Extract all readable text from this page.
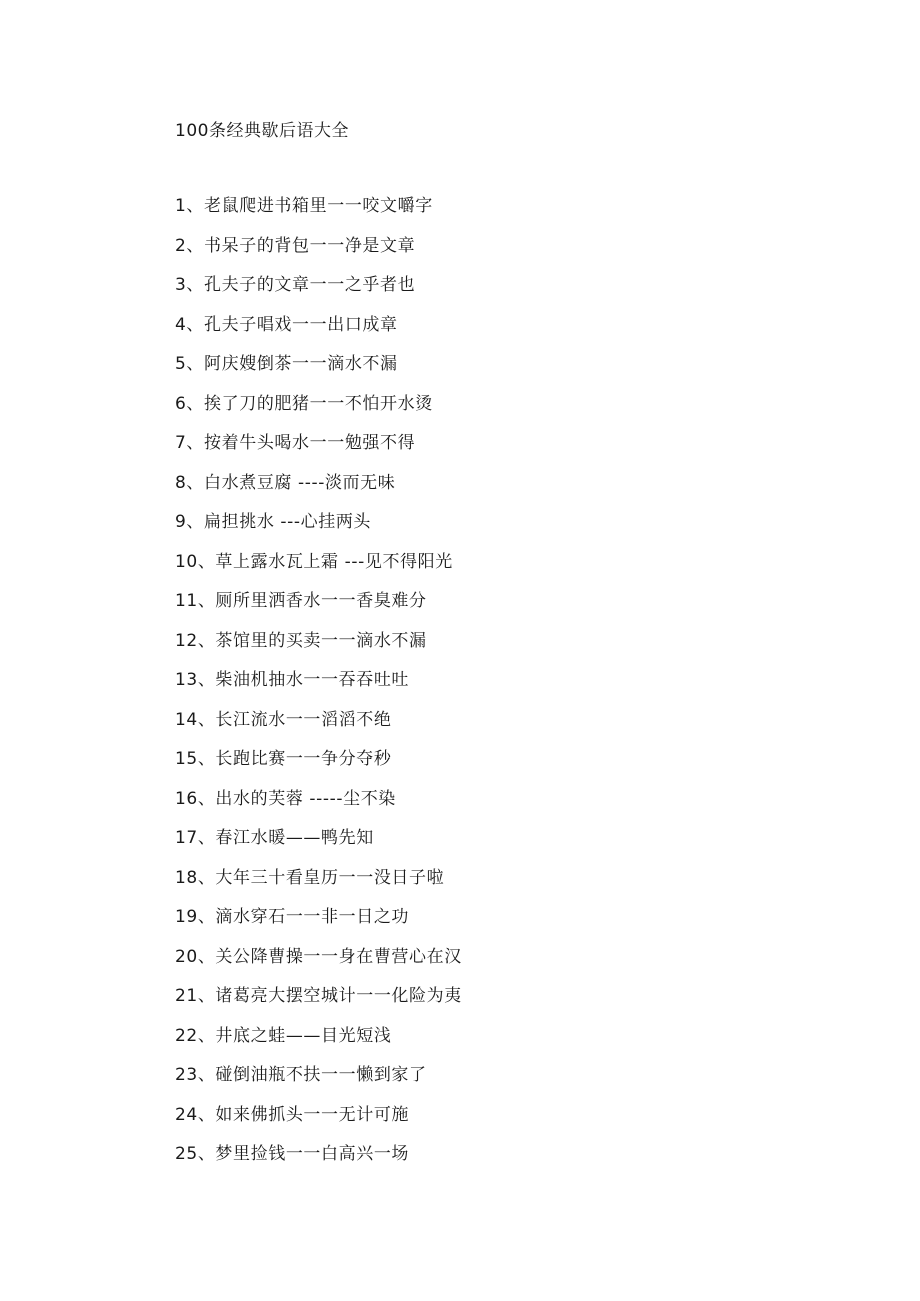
100条经典歇后语大全
1、老鼠爬进书箱里一一咬文嚼字
2、书呆子的背包一一净是文章
3、孔夫子的文章一一之乎者也
4、孔夫子唱戏一一出口成章
5、阿庆嫂倒茶一一滴水不漏
6、挨了刀的肥猪一一不怕开水烫
7、按着牛头喝水一一勉强不得
8、白水煮豆腐 ----淡而无味
9、扁担挑水 ---心挂两头
10、草上露水瓦上霜 ---见不得阳光
11、厕所里洒香水一一香臭难分
12、茶馆里的买卖一一滴水不漏
13、柴油机抽水一一吞吞吐吐
14、长江流水一一滔滔不绝
15、长跑比赛一一争分夺秒
16、出水的芙蓉 -----尘不染
17、春江水暖——鸭先知
18、大年三十看皇历一一没日子啦
19、滴水穿石一一非一日之功
20、关公降曹操一一身在曹营心在汉
21、诸葛亮大摆空城计一一化险为夷
22、井底之蛙——目光短浅
23、碰倒油瓶不扶一一懒到家了
24、如来佛抓头一一无计可施
25、梦里捡钱一一白高兴一场
